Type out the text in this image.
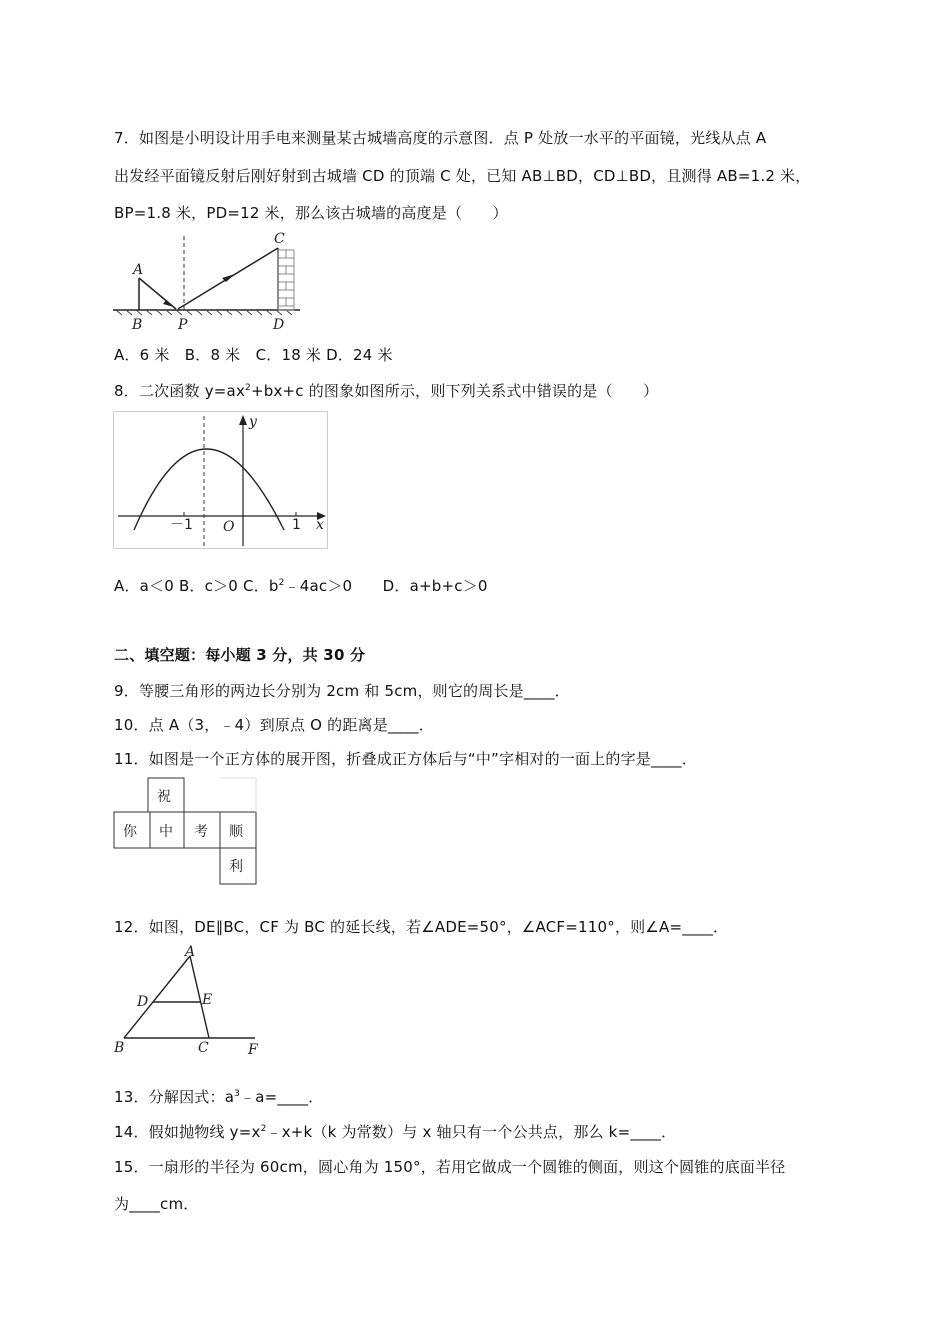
7．如图是小明设计用手电来测量某古城墙高度的示意图．点 P 处放一水平的平面镜，光线从点 A
出发经平面镜反射后刚好射到古城墙 CD 的顶端 C 处，已知 AB⊥BD，CD⊥BD，且测得 AB=1.2 米，
BP=1.8 米，PD=12 米，那么该古城墙的高度是（　　）
A
B	P
C
D
A．6 米　B．8 米　C．18 米 D．24 米
8．二次函数 $y=ax^2+bx+c$ 的图象如图所示，则下列关系式中错误的是（　　）
y
x
O
－1	1
A．a＜0 B．c＞0 C．$b^2﹣4ac>0$　　D．a+b+c＞0
二、填空题：每小题 3 分，共 30 分
9．等腰三角形的两边长分别为 2cm 和 5cm，则它的周长是____．
10．点 A（3，﹣4）到原点 O 的距离是____．
11．如图是一个正方体的展开图，折叠成正方体后与“中”字相对的一面上的字是____．
祝
你 中 考 顺
利
12．如图，DE∥BC，CF 为 BC 的延长线，若∠ADE=50°，∠ACF=110°，则∠A=____．
A
D	E
B	C	F
13．分解因式：$a^3﹣a=\_\_\_\_$．
14．假如抛物线 $y=x^2﹣x+k(k$ 为常数）与 x 轴只有一个公共点，那么 k=____．
15．一扇形的半径为 60cm，圆心角为 150°，若用它做成一个圆锥的侧面，则这个圆锥的底面半径
为____cm．
